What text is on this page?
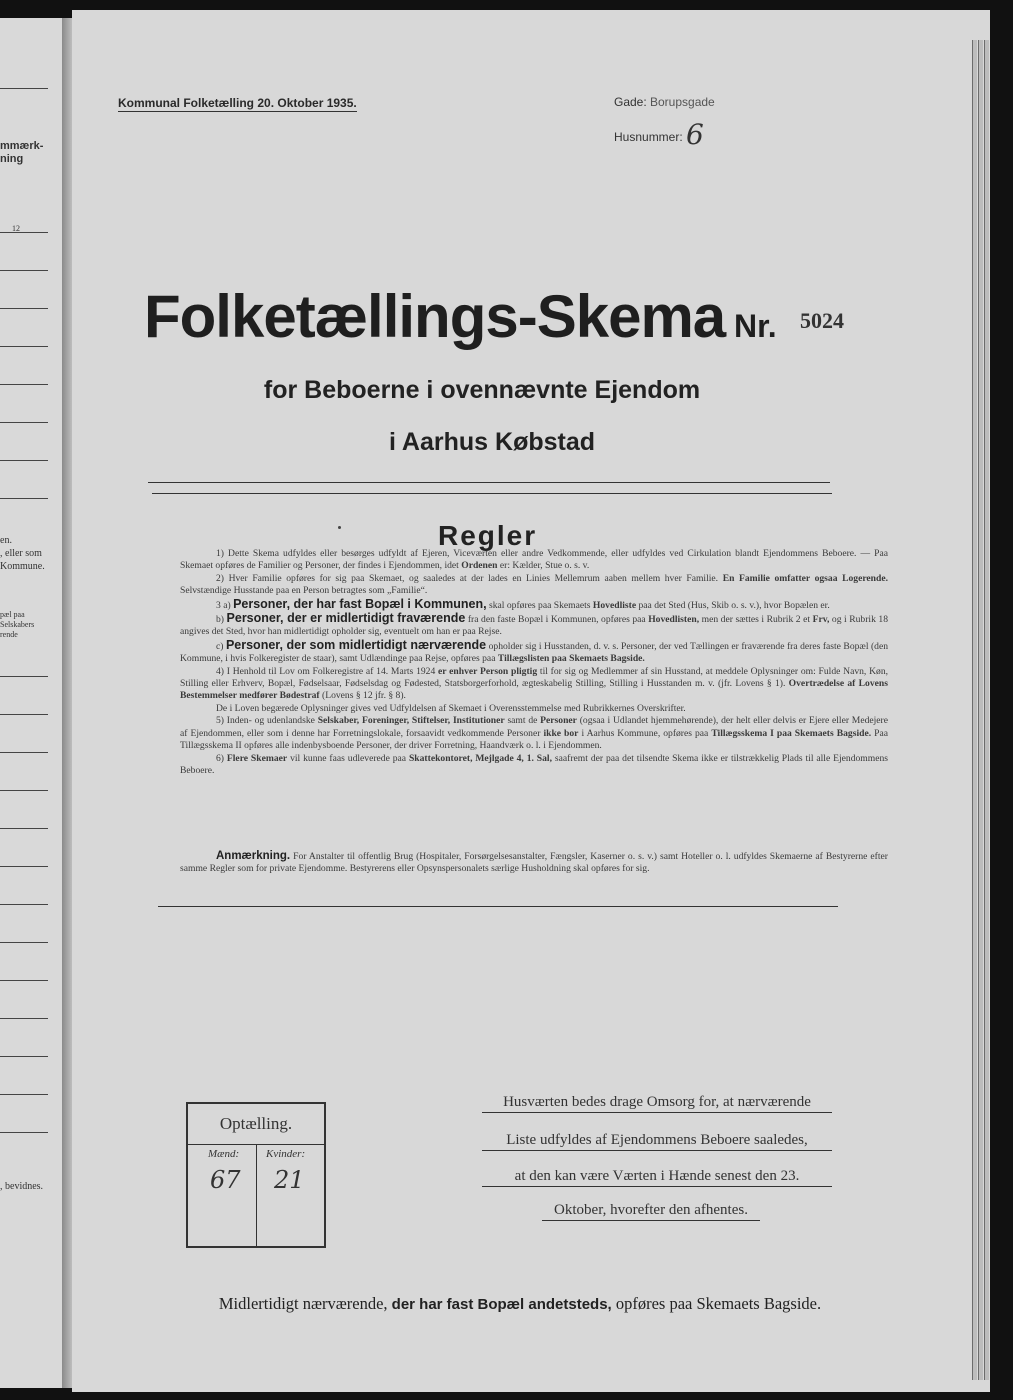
mmærk-
ning
12
en.
, eller som
Kommune.
pæl paa
Selskabers
rende
, bevidnes.
Kommunal Folketælling 20. Oktober 1935.	Gade: Borupsgade
Husnummer: 6
Folketællings-Skema Nr. 5024
for Beboerne i ovennævnte Ejendom
i Aarhus Købstad
Regler

1) Dette Skema udfyldes eller besørges udfyldt af Ejeren, Viceværten eller andre Vedkommende, eller udfyldes ved Cirkulation blandt Ejendommens Beboere. — Paa Skemaet opføres de Familier og Personer, der findes i Ejendommen, idet Ordenen er: Kælder, Stue o. s. v.

2) Hver Familie opføres for sig paa Skemaet, og saaledes at der lades en Linies Mellemrum aaben mellem hver Familie. En Familie omfatter ogsaa Logerende. Selvstændige Husstande paa en Person betragtes som „Familie“.

3 a) Personer, der har fast Bopæl i Kommunen, skal opføres paa Skemaets Hovedliste paa det Sted (Hus, Skib o. s. v.), hvor Bopælen er.

b) Personer, der er midlertidigt fraværende fra den faste Bopæl i Kommunen, opføres paa Hovedlisten, men der sættes i Rubrik 2 et Frv, og i Rubrik 18 angives det Sted, hvor han midlertidigt opholder sig, eventuelt om han er paa Rejse.

c) Personer, der som midlertidigt nærværende opholder sig i Husstanden, d. v. s. Personer, der ved Tællingen er fraværende fra deres faste Bopæl (den Kommune, i hvis Folkeregister de staar), samt Udlændinge paa Rejse, opføres paa Tillægslisten paa Skemaets Bagside.

4) I Henhold til Lov om Folkeregistre af 14. Marts 1924 er enhver Person pligtig til for sig og Medlemmer af sin Husstand, at meddele Oplysninger om: Fulde Navn, Køn, Stilling eller Erhverv, Bopæl, Fødselsaar, Fødselsdag og Fødested, Statsborgerforhold, ægteskabelig Stilling, Stilling i Husstanden m. v. (jfr. Lovens § 1). Overtrædelse af Lovens Bestemmelser medfører Bødestraf (Lovens § 12 jfr. § 8).

De i Loven begærede Oplysninger gives ved Udfyldelsen af Skemaet i Overensstemmelse med Rubrikkernes Overskrifter.

5) Inden- og udenlandske Selskaber, Foreninger, Stiftelser, Institutioner samt de Personer (ogsaa i Udlandet hjemmehørende), der helt eller delvis er Ejere eller Medejere af Ejendommen, eller som i denne har Forretningslokale, forsaavidt vedkommende Personer ikke bor i Aarhus Kommune, opføres paa Tillægsskema I paa Skemaets Bagside. Paa Tillægsskema II opføres alle indenbysboende Personer, der driver Forretning, Haandværk o. l. i Ejendommen.

6) Flere Skemaer vil kunne faas udleverede paa Skattekontoret, Mejlgade 4, 1. Sal, saafremt der paa det tilsendte Skema ikke er tilstrækkelig Plads til alle Ejendommens Beboere.

Anmærkning. For Anstalter til offentlig Brug (Hospitaler, Forsørgelsesanstalter, Fængsler, Kaserner o. s. v.) samt Hoteller o. l. udfyldes Skemaerne af Bestyrerne efter samme Regler som for private Ejendomme. Bestyrerens eller Opsynspersonalets særlige Husholdning skal opføres for sig.
Optælling.
Mænd: Kvinder:
67 21
Husværten bedes drage Omsorg for, at nærværende
Liste udfyldes af Ejendommens Beboere saaledes,
at den kan være Værten i Hænde senest den 23.
Oktober, hvorefter den afhentes.
Midlertidigt nærværende, der har fast Bopæl andetsteds, opføres paa Skemaets Bagside.
